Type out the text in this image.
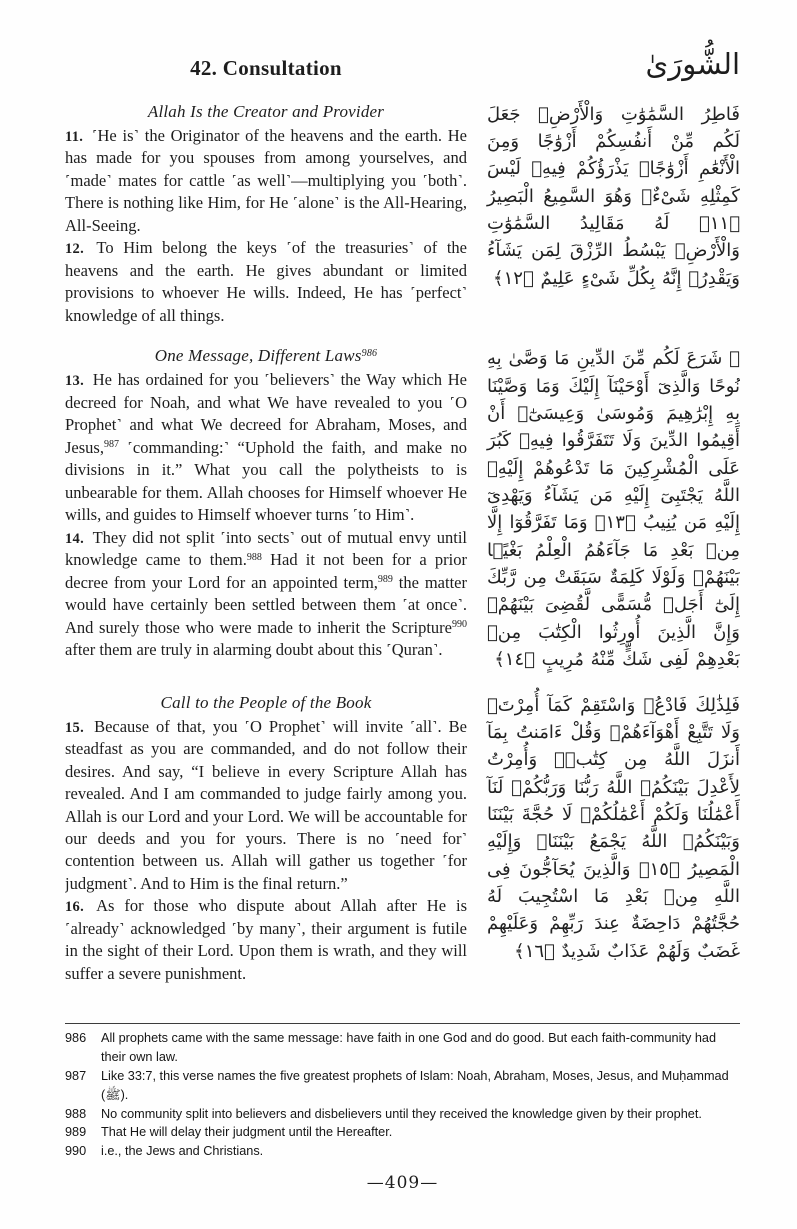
42. Consultation	الشُّورَىٰ
Allah Is the Creator and Provider

11. ˹He is˺ the Originator of the heavens and the earth. He has made for you spouses from among yourselves, and ˹made˺ mates for cattle ˹as well˺—multiplying you ˹both˺. There is nothing like Him, for He ˹alone˺ is the All-Hearing, All-Seeing.

12. To Him belong the keys ˹of the treasuries˺ of the heavens and the earth. He gives abundant or limited provisions to whoever He wills. Indeed, He has ˹perfect˺ knowledge of all things.

فَاطِرُ السَّمَٰوَٰتِ وَالْأَرْضِۚ جَعَلَ لَكُم مِّنْ أَنفُسِكُمْ أَزْوَٰجًا وَمِنَ الْأَنْعَٰمِ أَزْوَٰجًاۖ يَذْرَؤُكُمْ فِيهِۚ لَيْسَ كَمِثْلِهِ شَىْءٌۖ وَهُوَ السَّمِيعُ الْبَصِيرُ ﴿١١﴾ لَهُ مَقَالِيدُ السَّمَٰوَٰتِ وَالْأَرْضِۖ يَبْسُطُ الرِّزْقَ لِمَن يَشَآءُ وَيَقْدِرُۚ إِنَّهُ بِكُلِّ شَىْءٍ عَلِيمٌ ﴿١٢﴾
One Message, Different Laws$^{986}$

13. He has ordained for you ˹believers˺ the Way which He decreed for Noah, and what We have revealed to you ˹O Prophet˺ and what We decreed for Abraham, Moses, and Jesus,$^{987}$ ˹commanding:˺ “Uphold the faith, and make no divisions in it.” What you call the polytheists to is unbearable for them. Allah chooses for Himself whoever He wills, and guides to Himself whoever turns ˹to Him˺.

14. They did not split ˹into sects˺ out of mutual envy until knowledge came to them.$^{988}$ Had it not been for a prior decree from your Lord for an appointed term,$^{989}$ the matter would have certainly been settled between them ˹at once˺. And surely those who were made to inherit the Scripture$^{990}$ after them are truly in alarming doubt about this ˹Quran˺.

۞ شَرَعَ لَكُم مِّنَ الدِّينِ مَا وَصَّىٰ بِهِ نُوحًا وَالَّذِىٓ أَوْحَيْنَآ إِلَيْكَ وَمَا وَصَّيْنَا بِهِ إِبْرَٰهِيمَ وَمُوسَىٰ وَعِيسَىٰٓۖ أَنْ أَقِيمُوا الدِّينَ وَلَا تَتَفَرَّقُوا فِيهِۚ كَبُرَ عَلَى الْمُشْرِكِينَ مَا تَدْعُوهُمْ إِلَيْهِۚ اللَّهُ يَجْتَبِىٓ إِلَيْهِ مَن يَشَآءُ وَيَهْدِىٓ إِلَيْهِ مَن يُنِيبُ ﴿١٣﴾ وَمَا تَفَرَّقُوٓا إِلَّا مِنۢ بَعْدِ مَا جَآءَهُمُ الْعِلْمُ بَغْيًۢا بَيْنَهُمْۚ وَلَوْلَا كَلِمَةٌ سَبَقَتْ مِن رَّبِّكَ إِلَىٰٓ أَجَلٖ مُّسَمًّى لَّقُضِىَ بَيْنَهُمْۚ وَإِنَّ الَّذِينَ أُورِثُوا الْكِتَٰبَ مِنۢ بَعْدِهِمْ لَفِى شَكٍّ مِّنْهُ مُرِيبٍ ﴿١٤﴾
Call to the People of the Book

15. Because of that, you ˹O Prophet˺ will invite ˹all˺. Be steadfast as you are commanded, and do not follow their desires. And say, “I believe in every Scripture Allah has revealed. And I am commanded to judge fairly among you. Allah is our Lord and your Lord. We will be accountable for our deeds and you for yours. There is no ˹need for˺ contention between us. Allah will gather us together ˹for judgment˺. And to Him is the final return.”

16. As for those who dispute about Allah after He is ˹already˺ acknowledged ˹by many˺, their argument is futile in the sight of their Lord. Upon them is wrath, and they will suffer a severe punishment.

فَلِذَٰلِكَ فَادْعُۖ وَاسْتَقِمْ كَمَآ أُمِرْتَۖ وَلَا تَتَّبِعْ أَهْوَآءَهُمْۖ وَقُلْ ءَامَنتُ بِمَآ أَنزَلَ اللَّهُ مِن كِتَٰبٖۖ وَأُمِرْتُ لِأَعْدِلَ بَيْنَكُمُۖ اللَّهُ رَبُّنَا وَرَبُّكُمْۖ لَنَآ أَعْمَٰلُنَا وَلَكُمْ أَعْمَٰلُكُمْۖ لَا حُجَّةَ بَيْنَنَا وَبَيْنَكُمُۖ اللَّهُ يَجْمَعُ بَيْنَنَاۖ وَإِلَيْهِ الْمَصِيرُ ﴿١٥﴾ وَالَّذِينَ يُحَآجُّونَ فِى اللَّهِ مِنۢ بَعْدِ مَا اسْتُجِيبَ لَهُ حُجَّتُهُمْ دَاحِضَةٌ عِندَ رَبِّهِمْ وَعَلَيْهِمْ غَضَبٌ وَلَهُمْ عَذَابٌ شَدِيدٌ ﴿١٦﴾
986	All prophets came with the same message: have faith in one God and do good. But each faith-community had their own law.
987	Like 33:7, this verse names the five greatest prophets of Islam: Noah, Abraham, Moses, Jesus, and Muḥammad (ﷺ).
988	No community split into believers and disbelievers until they received the knowledge given by their prophet.
989	That He will delay their judgment until the Hereafter.
990	i.e., the Jews and Christians.
—409—
